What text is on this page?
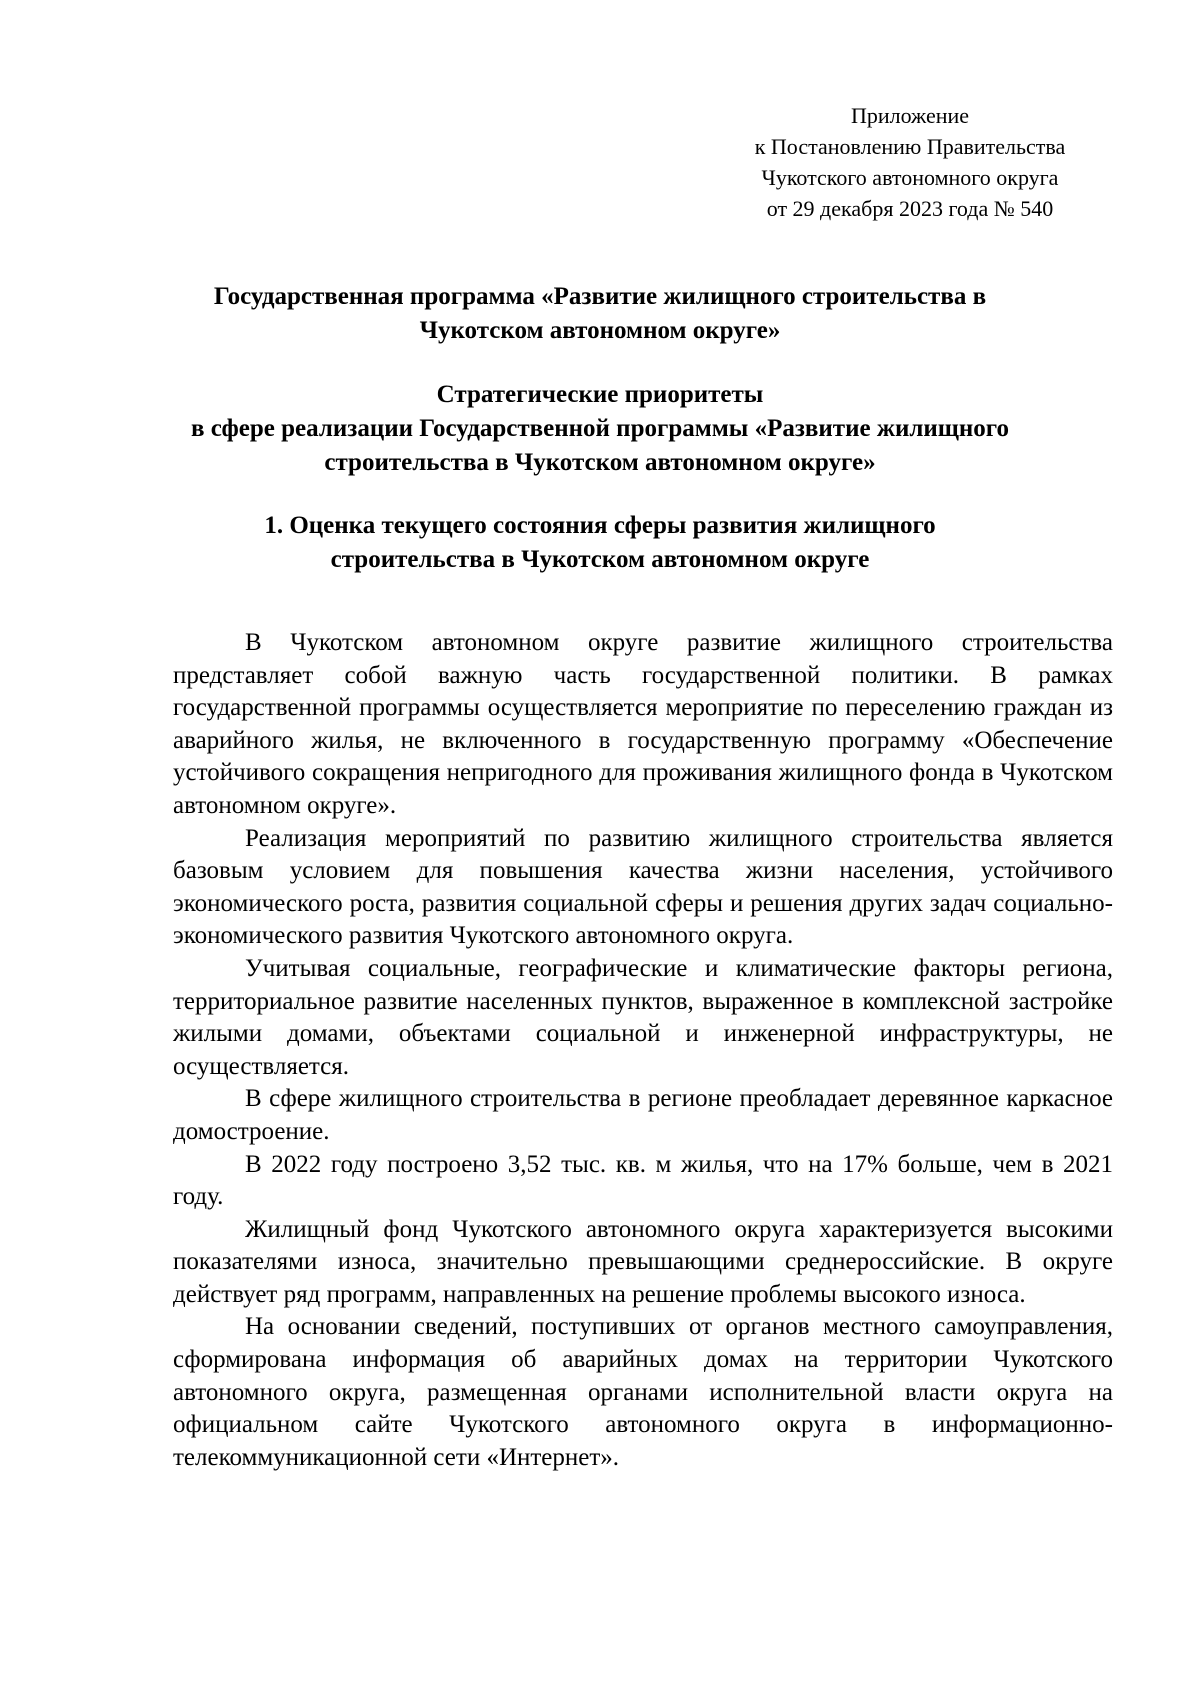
Приложение
к Постановлению Правительства
Чукотского автономного округа
от 29 декабря 2023 года № 540
Государственная программа «Развитие жилищного строительства в
Чукотском автономном округе»
Стратегические приоритеты
в сфере реализации Государственной программы «Развитие жилищного
строительства в Чукотском автономном округе»
1. Оценка текущего состояния сферы развития жилищного
строительства в Чукотском автономном округе

В Чукотском автономном округе развитие жилищного строительства представляет собой важную часть государственной политики. В рамках государственной программы осуществляется мероприятие по переселению граждан из аварийного жилья, не включенного в государственную программу «Обеспечение устойчивого сокращения непригодного для проживания жилищного фонда в Чукотском автономном округе».

Реализация мероприятий по развитию жилищного строительства является базовым условием для повышения качества жизни населения, устойчивого экономического роста, развития социальной сферы и решения других задач социально-экономического развития Чукотского автономного округа.

Учитывая социальные, географические и климатические факторы региона, территориальное развитие населенных пунктов, выраженное в комплексной застройке жилыми домами, объектами социальной и инженерной инфраструктуры, не осуществляется.

В сфере жилищного строительства в регионе преобладает деревянное каркасное домостроение.

В 2022 году построено 3,52 тыс. кв. м жилья, что на 17% больше, чем в 2021 году.

Жилищный фонд Чукотского автономного округа характеризуется высокими показателями износа, значительно превышающими среднероссийские. В округе действует ряд программ, направленных на решение проблемы высокого износа.

На основании сведений, поступивших от органов местного самоуправления, сформирована информация об аварийных домах на территории Чукотского автономного округа, размещенная органами исполнительной власти округа на официальном сайте Чукотского автономного округа в информационно-телекоммуникационной сети «Интернет».
